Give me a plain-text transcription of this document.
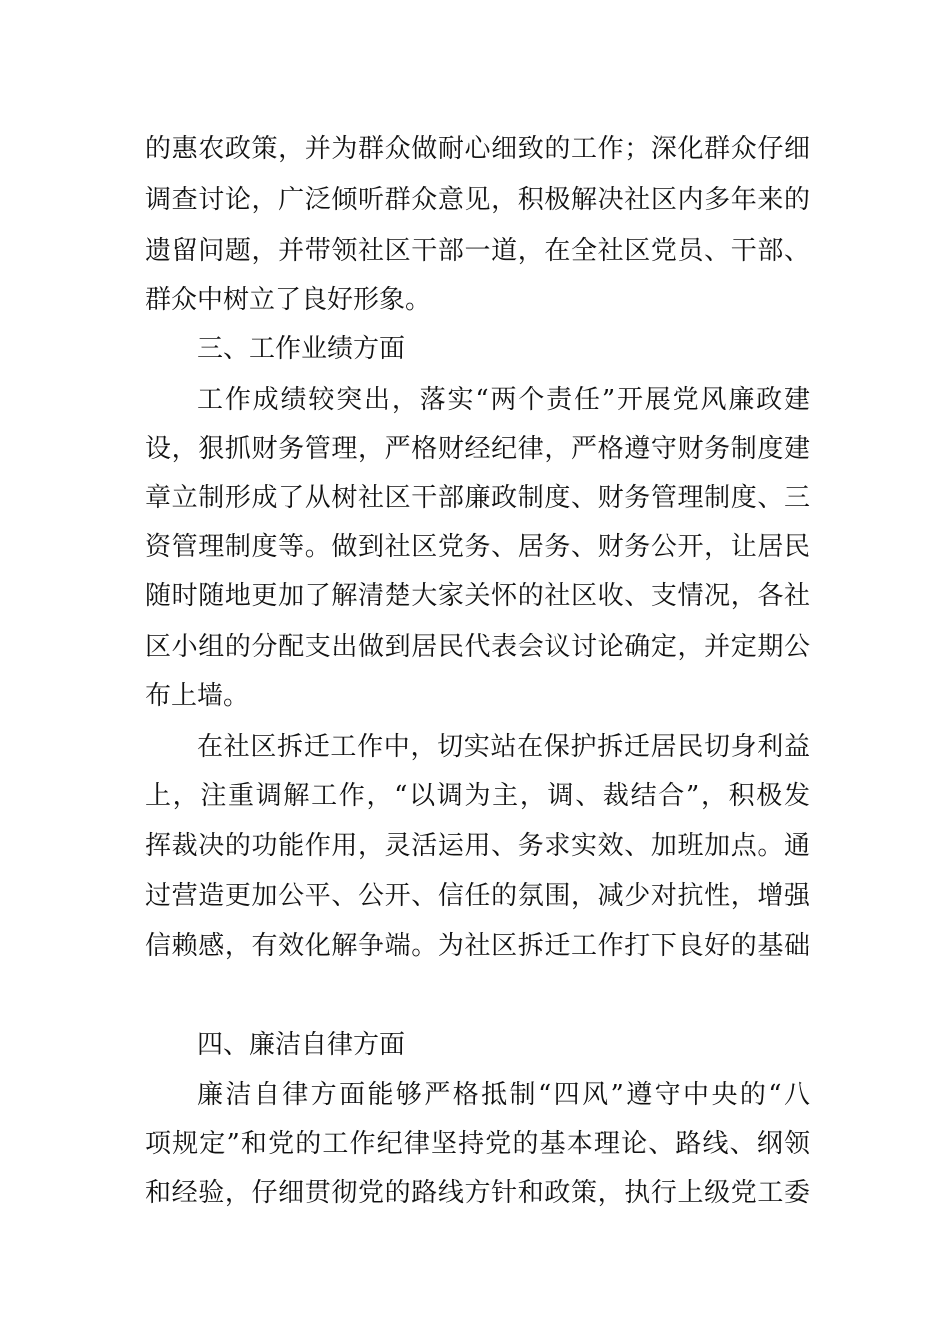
的惠农政策，并为群众做耐心细致的工作；深化群众仔细
调查讨论，广泛倾听群众意见，积极解决社区内多年来的
遗留问题，并带领社区干部一道，在全社区党员、干部、
群众中树立了良好形象。
三、工作业绩方面
工作成绩较突出，落实“两个责任”开展党风廉政建
设，狠抓财务管理，严格财经纪律，严格遵守财务制度建
章立制形成了从树社区干部廉政制度、财务管理制度、三
资管理制度等。做到社区党务、居务、财务公开，让居民
随时随地更加了解清楚大家关怀的社区收、支情况，各社
区小组的分配支出做到居民代表会议讨论确定，并定期公
布上墙。
在社区拆迁工作中，切实站在保护拆迁居民切身利益
上，注重调解工作，“以调为主，调、裁结合”，积极发
挥裁决的功能作用，灵活运用、务求实效、加班加点。通
过营造更加公平、公开、信任的氛围，减少对抗性，增强
信赖感，有效化解争端。为社区拆迁工作打下良好的基础
四、廉洁自律方面
廉洁自律方面能够严格抵制“四风”遵守中央的“八
项规定”和党的工作纪律坚持党的基本理论、路线、纲领
和经验，仔细贯彻党的路线方针和政策，执行上级党工委
